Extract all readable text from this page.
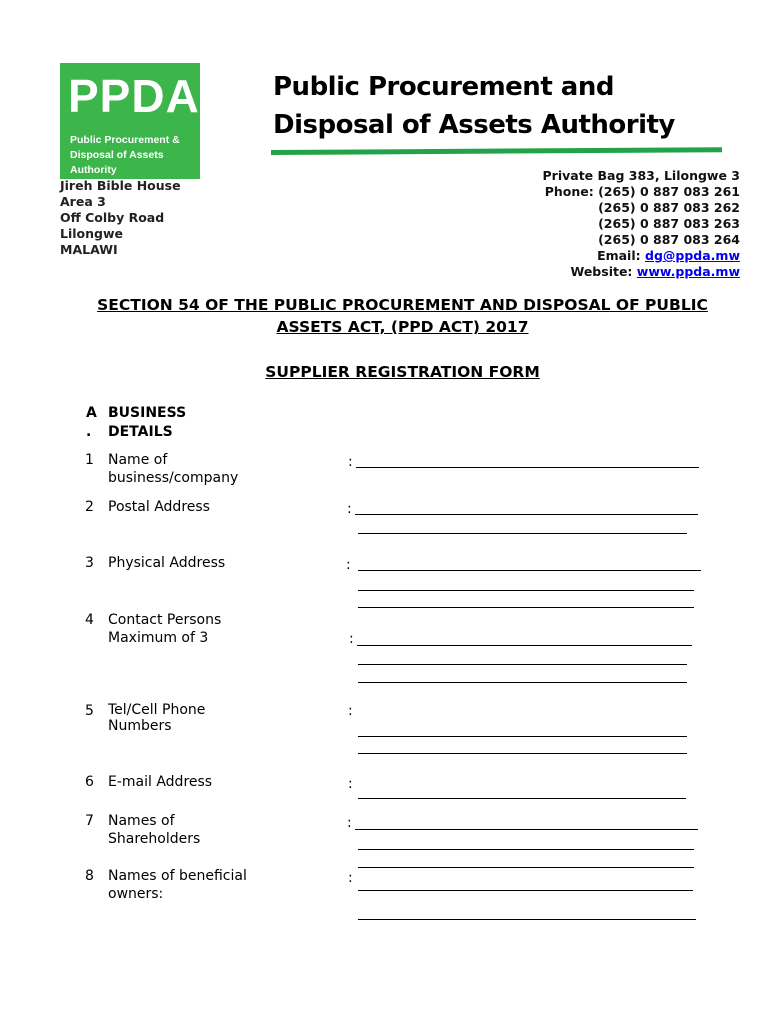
PPDA
Public Procurement &
Disposal of Assets Authority
Public Procurement and
Disposal of Assets Authority
Jireh Bible House
Area 3
Off Colby Road
Lilongwe
MALAWI
Private Bag 383, Lilongwe 3
Phone: (265) 0 887 083 261
(265) 0 887 083 262
(265) 0 887 083 263
(265) 0 887 083 264
Email: dg@ppda.mw
Website: www.ppda.mw
SECTION 54 OF THE PUBLIC PROCUREMENT AND DISPOSAL OF PUBLIC
ASSETS ACT, (PPD ACT) 2017
SUPPLIER REGISTRATION FORM
A
.
BUSINESS
DETAILS
1 Name of
business/company
:
2 Postal Address	:
3 Physical Address	:
4 Contact Persons
Maximum of 3	:
5 Tel/Cell Phone
Numbers
:
6 E-mail Address	:
7 Names of
Shareholders
:
8 Names of beneficial
owners:
:
